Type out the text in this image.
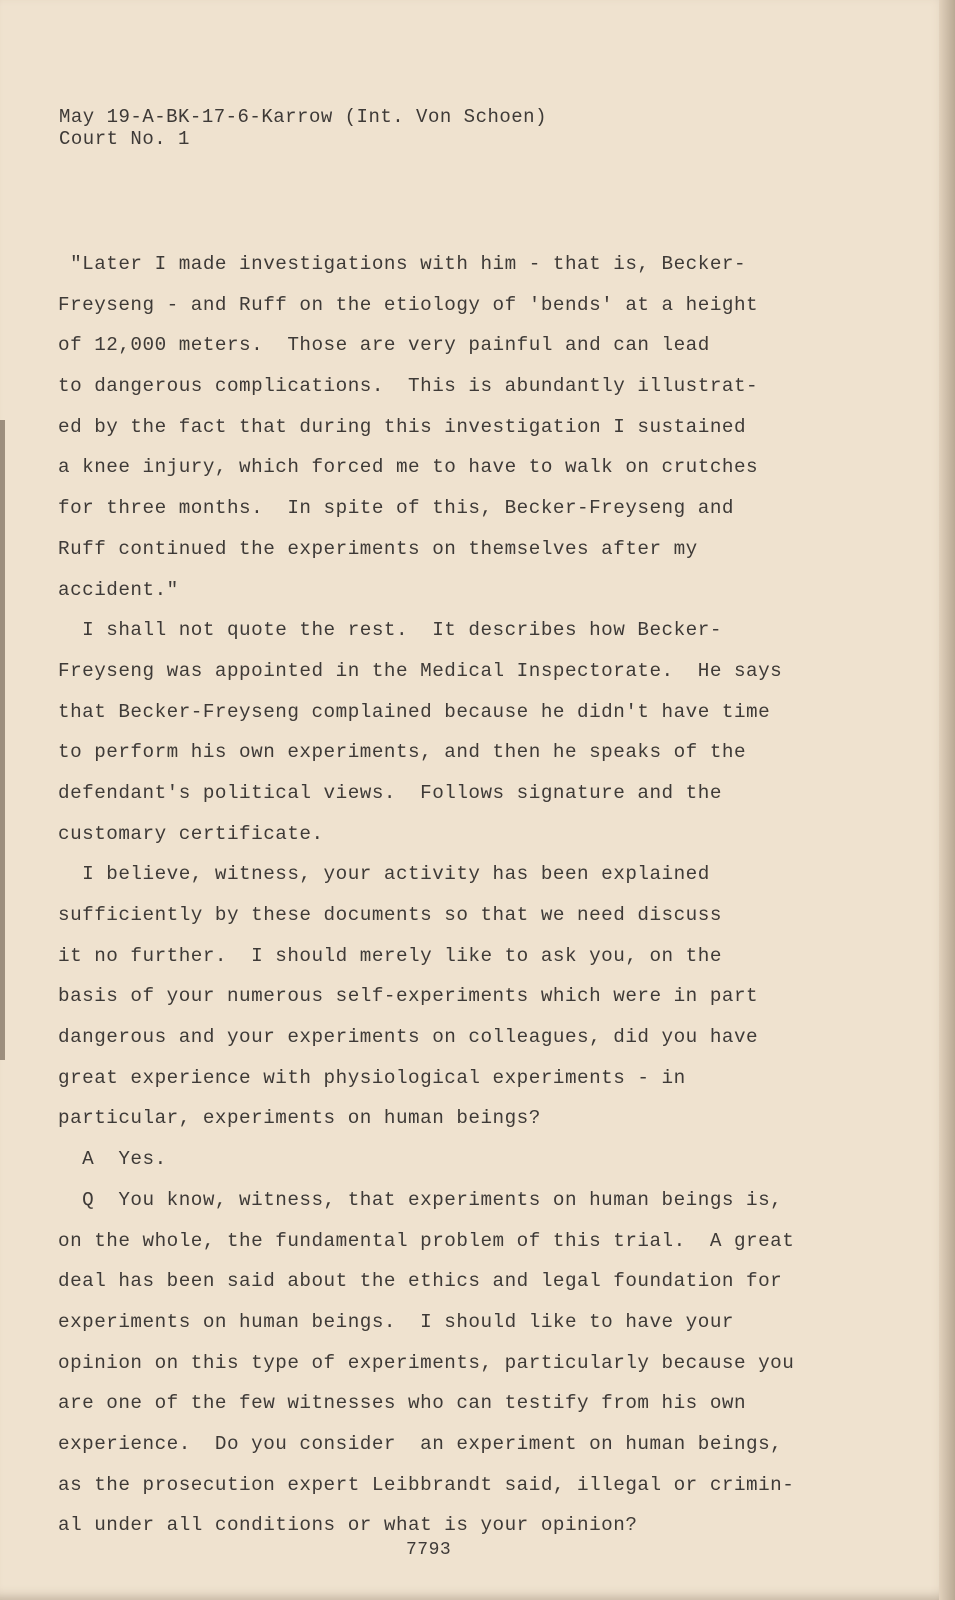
May 19-A-BK-17-6-Karrow (Int. Von Schoen)
Court No. 1
"Later I made investigations with him - that is, Becker-
Freyseng - and Ruff on the etiology of 'bends' at a height
of 12,000 meters.  Those are very painful and can lead
to dangerous complications.  This is abundantly illustrat-
ed by the fact that during this investigation I sustained
a knee injury, which forced me to have to walk on crutches
for three months.  In spite of this, Becker-Freyseng and
Ruff continued the experiments on themselves after my
accident."
I shall not quote the rest.  It describes how Becker-
Freyseng was appointed in the Medical Inspectorate.  He says
that Becker-Freyseng complained because he didn't have time
to perform his own experiments, and then he speaks of the
defendant's political views.  Follows signature and the
customary certificate.
I believe, witness, your activity has been explained
sufficiently by these documents so that we need discuss
it no further.  I should merely like to ask you, on the
basis of your numerous self-experiments which were in part
dangerous and your experiments on colleagues, did you have
great experience with physiological experiments - in
particular, experiments on human beings?
A  Yes.
Q  You know, witness, that experiments on human beings is,
on the whole, the fundamental problem of this trial.  A great
deal has been said about the ethics and legal foundation for
experiments on human beings.  I should like to have your
opinion on this type of experiments, particularly because you
are one of the few witnesses who can testify from his own
experience.  Do you consider  an experiment on human beings,
as the prosecution expert Leibbrandt said, illegal or crimin-
al under all conditions or what is your opinion?
7793
